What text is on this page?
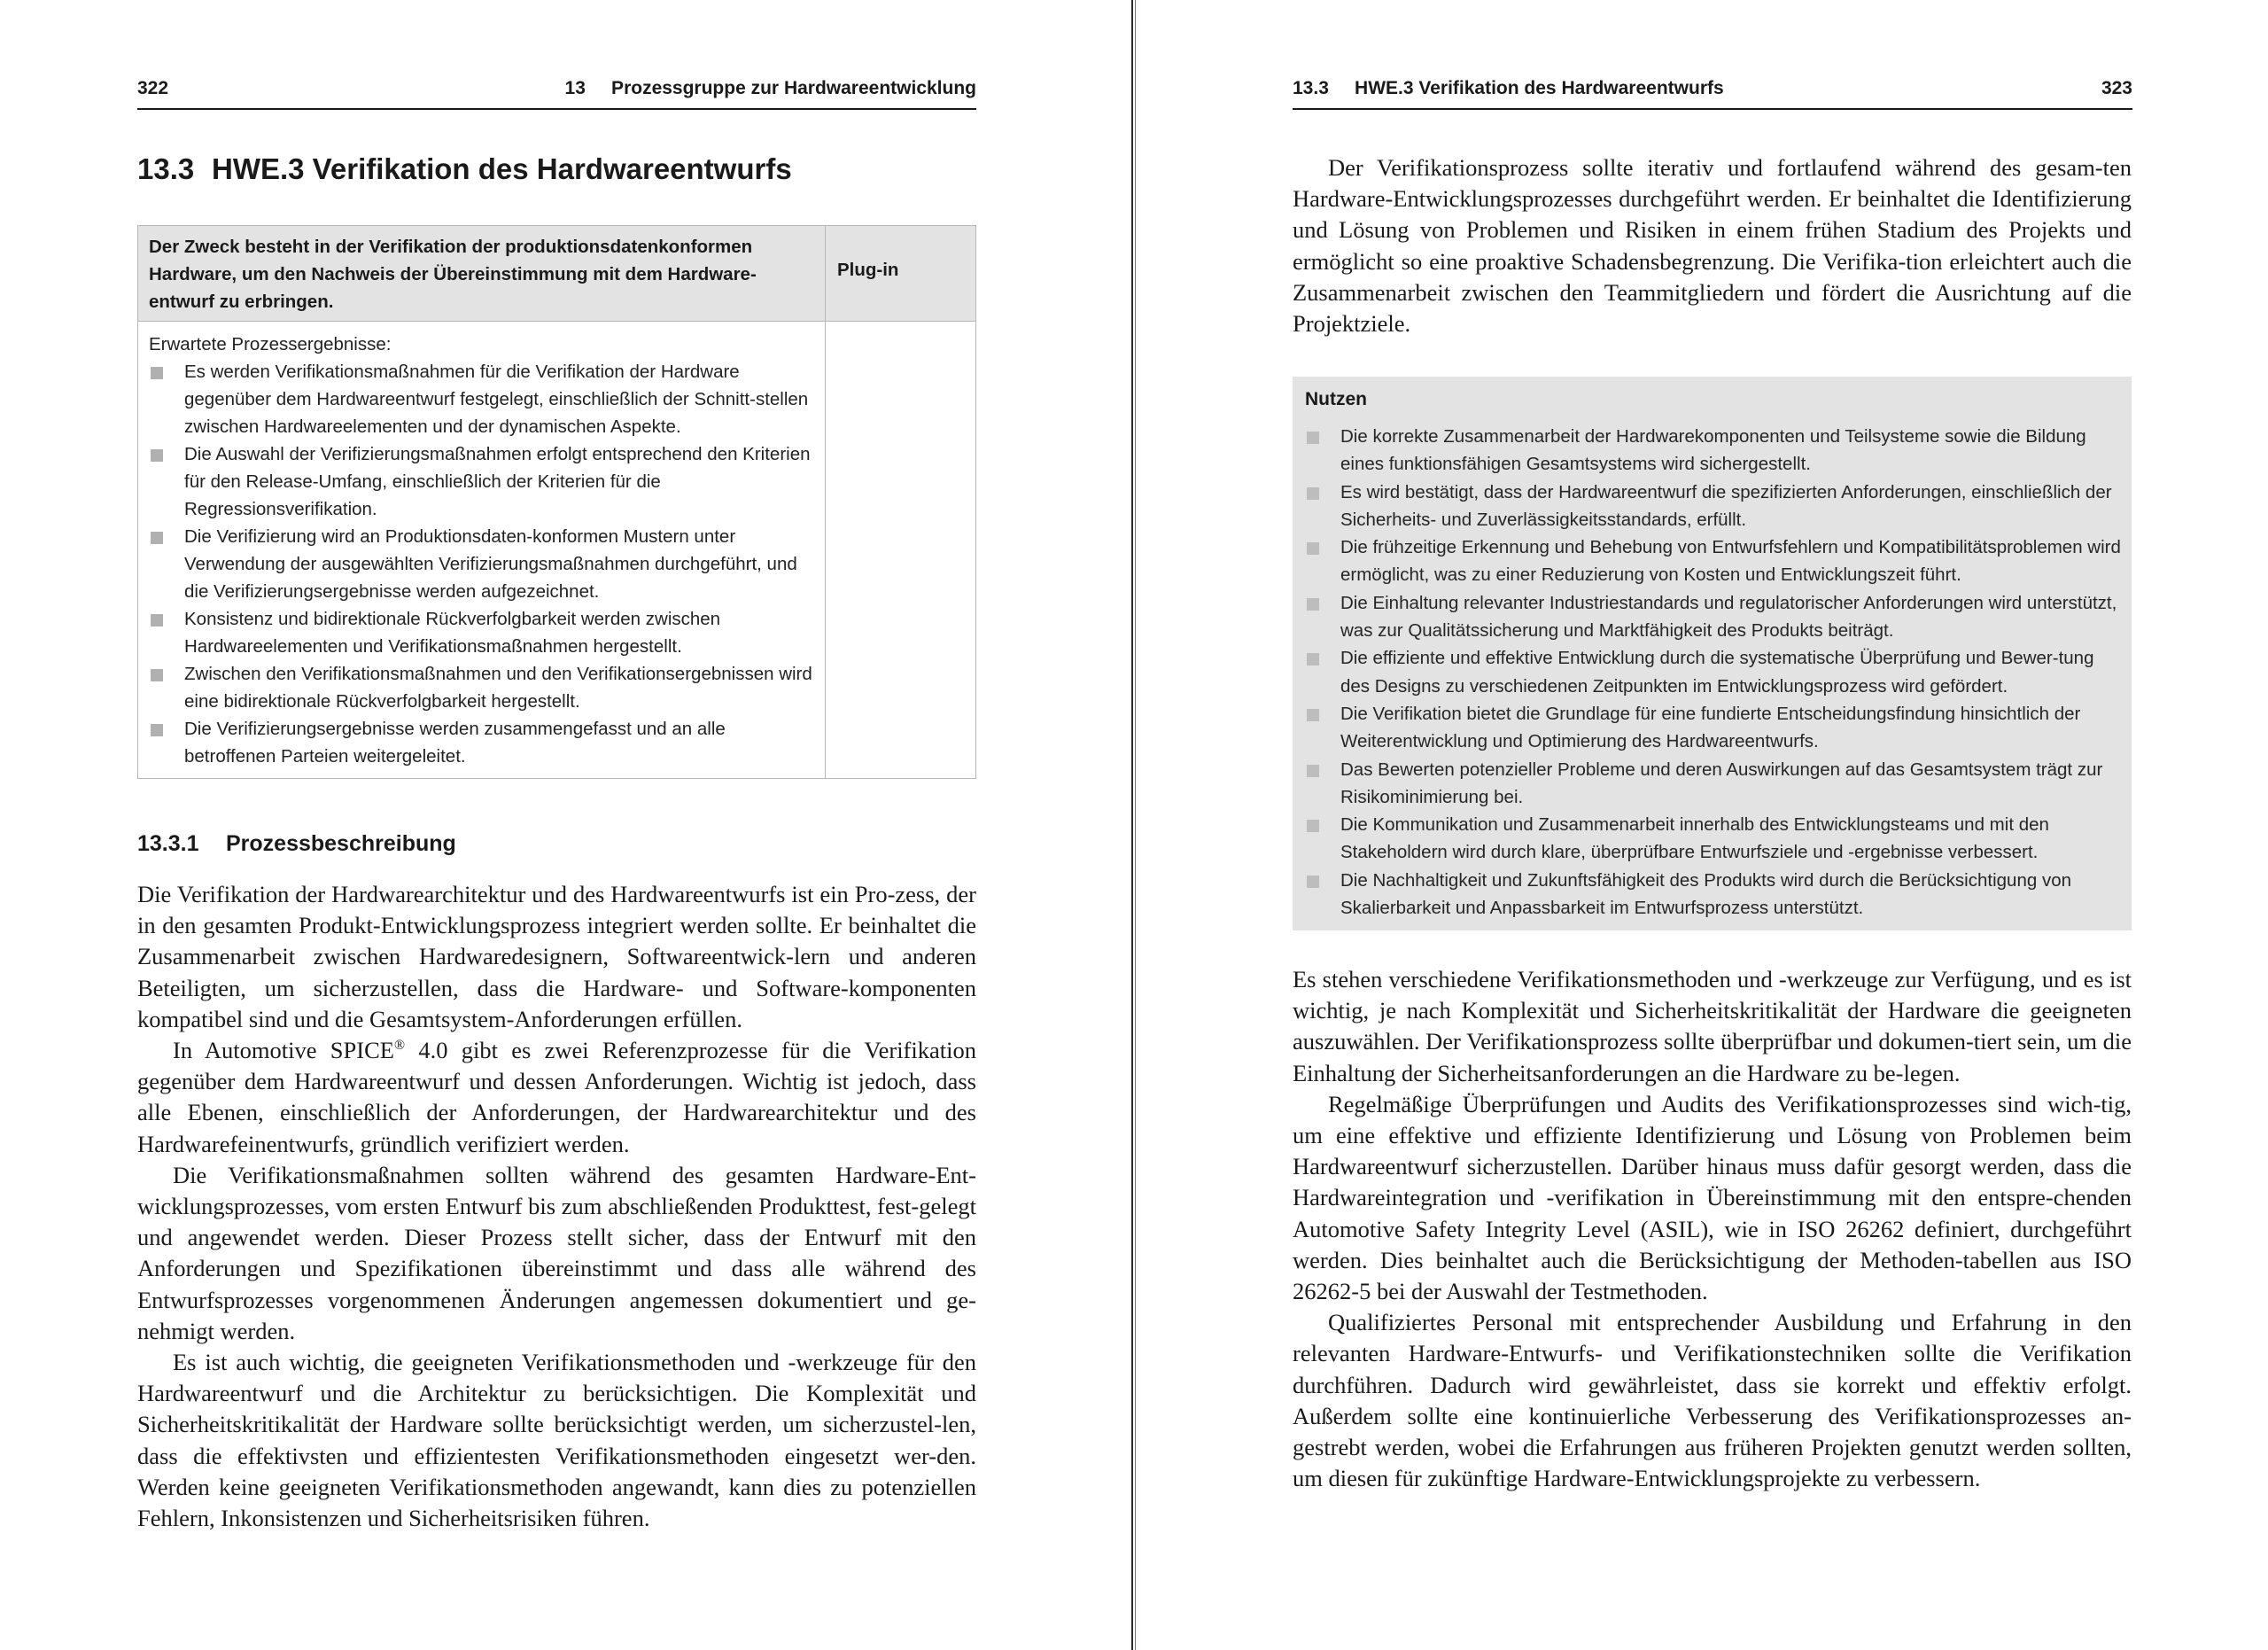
322	13     Prozessgruppe zur Hardwareentwicklung
13.3 HWE.3 Verifikation des Hardwareentwurfs
Der Zweck besteht in der Verifikation der produktionsdatenkonformen
Hardware, um den Nachweis der Übereinstimmung mit dem Hardware-
entwurf zu erbringen.
Plug-in
Erwartete Prozessergebnisse:
Es werden Verifikationsmaßnahmen für die Verifikation der Hardware gegenüber dem Hardwareentwurf festgelegt, einschließlich der Schnitt-stellen zwischen Hardwareelementen und der dynamischen Aspekte.
Die Auswahl der Verifizierungsmaßnahmen erfolgt entsprechend den Kriterien für den Release-Umfang, einschließlich der Kriterien für die Regressionsverifikation.
Die Verifizierung wird an Produktionsdaten-konformen Mustern unter Verwendung der ausgewählten Verifizierungsmaßnahmen durchgeführt, und die Verifizierungsergebnisse werden aufgezeichnet.
Konsistenz und bidirektionale Rückverfolgbarkeit werden zwischen Hardwareelementen und Verifikationsmaßnahmen hergestellt.
Zwischen den Verifikationsmaßnahmen und den Verifikationsergebnissen wird eine bidirektionale Rückverfolgbarkeit hergestellt.
Die Verifizierungsergebnisse werden zusammengefasst und an alle betroffenen Parteien weitergeleitet.
13.3.1 Prozessbeschreibung

Die Verifikation der Hardwarearchitektur und des Hardwareentwurfs ist ein Pro-zess, der in den gesamten Produkt-Entwicklungsprozess integriert werden sollte. Er beinhaltet die Zusammenarbeit zwischen Hardwaredesignern, Softwareentwick-lern und anderen Beteiligten, um sicherzustellen, dass die Hardware- und Software-komponenten kompatibel sind und die Gesamtsystem-Anforderungen erfüllen.

In Automotive SPICE® 4.0 gibt es zwei Referenzprozesse für die Verifikation gegenüber dem Hardwareentwurf und dessen Anforderungen. Wichtig ist jedoch, dass alle Ebenen, einschließlich der Anforderungen, der Hardwarearchitektur und des Hardwarefeinentwurfs, gründlich verifiziert werden.

Die Verifikationsmaßnahmen sollten während des gesamten Hardware-Ent-wicklungsprozesses, vom ersten Entwurf bis zum abschließenden Produkttest, fest-gelegt und angewendet werden. Dieser Prozess stellt sicher, dass der Entwurf mit den Anforderungen und Spezifikationen übereinstimmt und dass alle während des Entwurfsprozesses vorgenommenen Änderungen angemessen dokumentiert und ge-nehmigt werden.

Es ist auch wichtig, die geeigneten Verifikationsmethoden und -werkzeuge für den Hardwareentwurf und die Architektur zu berücksichtigen. Die Komplexität und Sicherheitskritikalität der Hardware sollte berücksichtigt werden, um sicherzustel-len, dass die effektivsten und effizientesten Verifikationsmethoden eingesetzt wer-den. Werden keine geeigneten Verifikationsmethoden angewandt, kann dies zu potenziellen Fehlern, Inkonsistenzen und Sicherheitsrisiken führen.

13.3     HWE.3 Verifikation des Hardwareentwurfs	323

Der Verifikationsprozess sollte iterativ und fortlaufend während des gesam-ten Hardware-Entwicklungsprozesses durchgeführt werden. Er beinhaltet die Identifizierung und Lösung von Problemen und Risiken in einem frühen Stadium des Projekts und ermöglicht so eine proaktive Schadensbegrenzung. Die Verifika-tion erleichtert auch die Zusammenarbeit zwischen den Teammitgliedern und fördert die Ausrichtung auf die Projektziele.

Nutzen
Die korrekte Zusammenarbeit der Hardwarekomponenten und Teilsysteme sowie die Bildung eines funktionsfähigen Gesamtsystems wird sichergestellt.
Es wird bestätigt, dass der Hardwareentwurf die spezifizierten Anforderungen, einschließlich der Sicherheits- und Zuverlässigkeitsstandards, erfüllt.
Die frühzeitige Erkennung und Behebung von Entwurfsfehlern und Kompatibilitätsproblemen wird ermöglicht, was zu einer Reduzierung von Kosten und Entwicklungszeit führt.
Die Einhaltung relevanter Industriestandards und regulatorischer Anforderungen wird unterstützt, was zur Qualitätssicherung und Marktfähigkeit des Produkts beiträgt.
Die effiziente und effektive Entwicklung durch die systematische Überprüfung und Bewer-tung des Designs zu verschiedenen Zeitpunkten im Entwicklungsprozess wird gefördert.
Die Verifikation bietet die Grundlage für eine fundierte Entscheidungsfindung hinsichtlich der Weiterentwicklung und Optimierung des Hardwareentwurfs.
Das Bewerten potenzieller Probleme und deren Auswirkungen auf das Gesamtsystem trägt zur Risikominimierung bei.
Die Kommunikation und Zusammenarbeit innerhalb des Entwicklungsteams und mit den Stakeholdern wird durch klare, überprüfbare Entwurfsziele und -ergebnisse verbessert.
Die Nachhaltigkeit und Zukunftsfähigkeit des Produkts wird durch die Berücksichtigung von Skalierbarkeit und Anpassbarkeit im Entwurfsprozess unterstützt.

Es stehen verschiedene Verifikationsmethoden und -werkzeuge zur Verfügung, und es ist wichtig, je nach Komplexität und Sicherheitskritikalität der Hardware die geeigneten auszuwählen. Der Verifikationsprozess sollte überprüfbar und dokumen-tiert sein, um die Einhaltung der Sicherheitsanforderungen an die Hardware zu be-legen.

Regelmäßige Überprüfungen und Audits des Verifikationsprozesses sind wich-tig, um eine effektive und effiziente Identifizierung und Lösung von Problemen beim Hardwareentwurf sicherzustellen. Darüber hinaus muss dafür gesorgt werden, dass die Hardwareintegration und -verifikation in Übereinstimmung mit den entspre-chenden Automotive Safety Integrity Level (ASIL), wie in ISO 26262 definiert, durchgeführt werden. Dies beinhaltet auch die Berücksichtigung der Methoden-tabellen aus ISO 26262-5 bei der Auswahl der Testmethoden.

Qualifiziertes Personal mit entsprechender Ausbildung und Erfahrung in den relevanten Hardware-Entwurfs- und Verifikationstechniken sollte die Verifikation durchführen. Dadurch wird gewährleistet, dass sie korrekt und effektiv erfolgt. Außerdem sollte eine kontinuierliche Verbesserung des Verifikationsprozesses an-gestrebt werden, wobei die Erfahrungen aus früheren Projekten genutzt werden sollten, um diesen für zukünftige Hardware-Entwicklungsprojekte zu verbessern.
